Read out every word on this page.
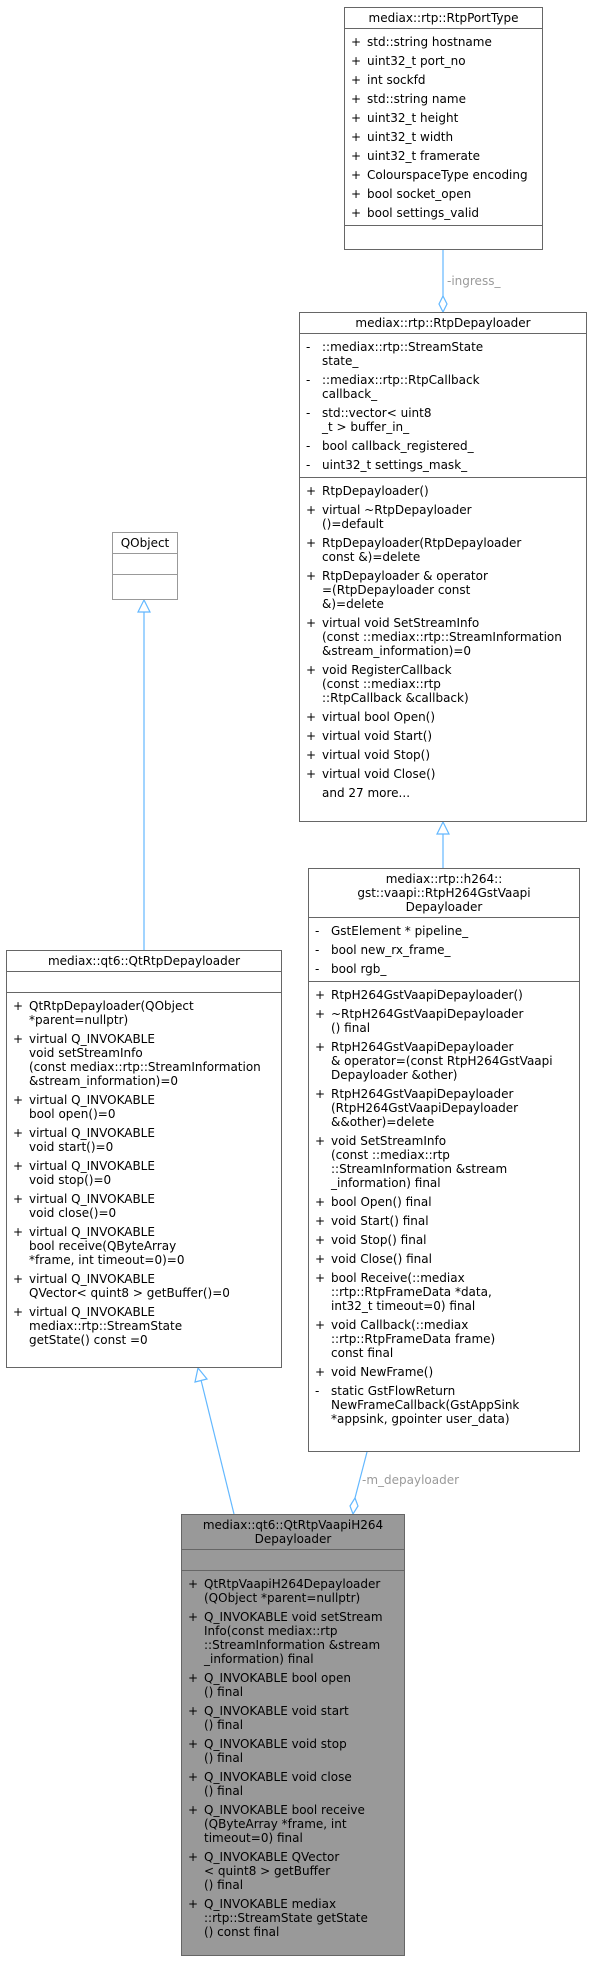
-ingress_
-m_depayloader
mediax::rtp::RtpPortType
+ std::string hostname
+ uint32_t port_no
+ int sockfd
+ std::string name
+ uint32_t height
+ uint32_t width
+ uint32_t framerate
+ ColourspaceType encoding
+ bool socket_open
+ bool settings_valid
mediax::rtp::RtpDepayloader
- ::mediax::rtp::StreamState
state_
- ::mediax::rtp::RtpCallback
callback_
- std::vector< uint8
_t > buffer_in_
- bool callback_registered_
- uint32_t settings_mask_
+ RtpDepayloader()
+ virtual ~RtpDepayloader
()=default
+ RtpDepayloader(RtpDepayloader
const &)=delete
+ RtpDepayloader & operator
=(RtpDepayloader const
&)=delete
+ virtual void SetStreamInfo
(const ::mediax::rtp::StreamInformation
&stream_information)=0
+ void RegisterCallback
(const ::mediax::rtp
::RtpCallback &callback)
+ virtual bool Open()
+ virtual void Start()
+ virtual void Stop()
+ virtual void Close()
and 27 more...
QObject
mediax::qt6::QtRtpDepayloader
+ QtRtpDepayloader(QObject
*parent=nullptr)
+ virtual Q_INVOKABLE
void setStreamInfo
(const mediax::rtp::StreamInformation
&stream_information)=0
+ virtual Q_INVOKABLE
bool open()=0
+ virtual Q_INVOKABLE
void start()=0
+ virtual Q_INVOKABLE
void stop()=0
+ virtual Q_INVOKABLE
void close()=0
+ virtual Q_INVOKABLE
bool receive(QByteArray
*frame, int timeout=0)=0
+ virtual Q_INVOKABLE
QVector< quint8 > getBuffer()=0
+ virtual Q_INVOKABLE
mediax::rtp::StreamState
getState() const =0
mediax::rtp::h264::
gst::vaapi::RtpH264GstVaapi
Depayloader
- GstElement * pipeline_
- bool new_rx_frame_
- bool rgb_
+ RtpH264GstVaapiDepayloader()
+ ~RtpH264GstVaapiDepayloader
() final
+ RtpH264GstVaapiDepayloader
& operator=(const RtpH264GstVaapi
Depayloader &other)
+ RtpH264GstVaapiDepayloader
(RtpH264GstVaapiDepayloader
&&other)=delete
+ void SetStreamInfo
(const ::mediax::rtp
::StreamInformation &stream
_information) final
+ bool Open() final
+ void Start() final
+ void Stop() final
+ void Close() final
+ bool Receive(::mediax
::rtp::RtpFrameData *data,
int32_t timeout=0) final
+ void Callback(::mediax
::rtp::RtpFrameData frame)
const final
+ void NewFrame()
- static GstFlowReturn
NewFrameCallback(GstAppSink
*appsink, gpointer user_data)
mediax::qt6::QtRtpVaapiH264
Depayloader
+ QtRtpVaapiH264Depayloader
(QObject *parent=nullptr)
+ Q_INVOKABLE void setStream
Info(const mediax::rtp
::StreamInformation &stream
_information) final
+ Q_INVOKABLE bool open
() final
+ Q_INVOKABLE void start
() final
+ Q_INVOKABLE void stop
() final
+ Q_INVOKABLE void close
() final
+ Q_INVOKABLE bool receive
(QByteArray *frame, int
timeout=0) final
+ Q_INVOKABLE QVector
< quint8 > getBuffer
() final
+ Q_INVOKABLE mediax
::rtp::StreamState getState
() const final
